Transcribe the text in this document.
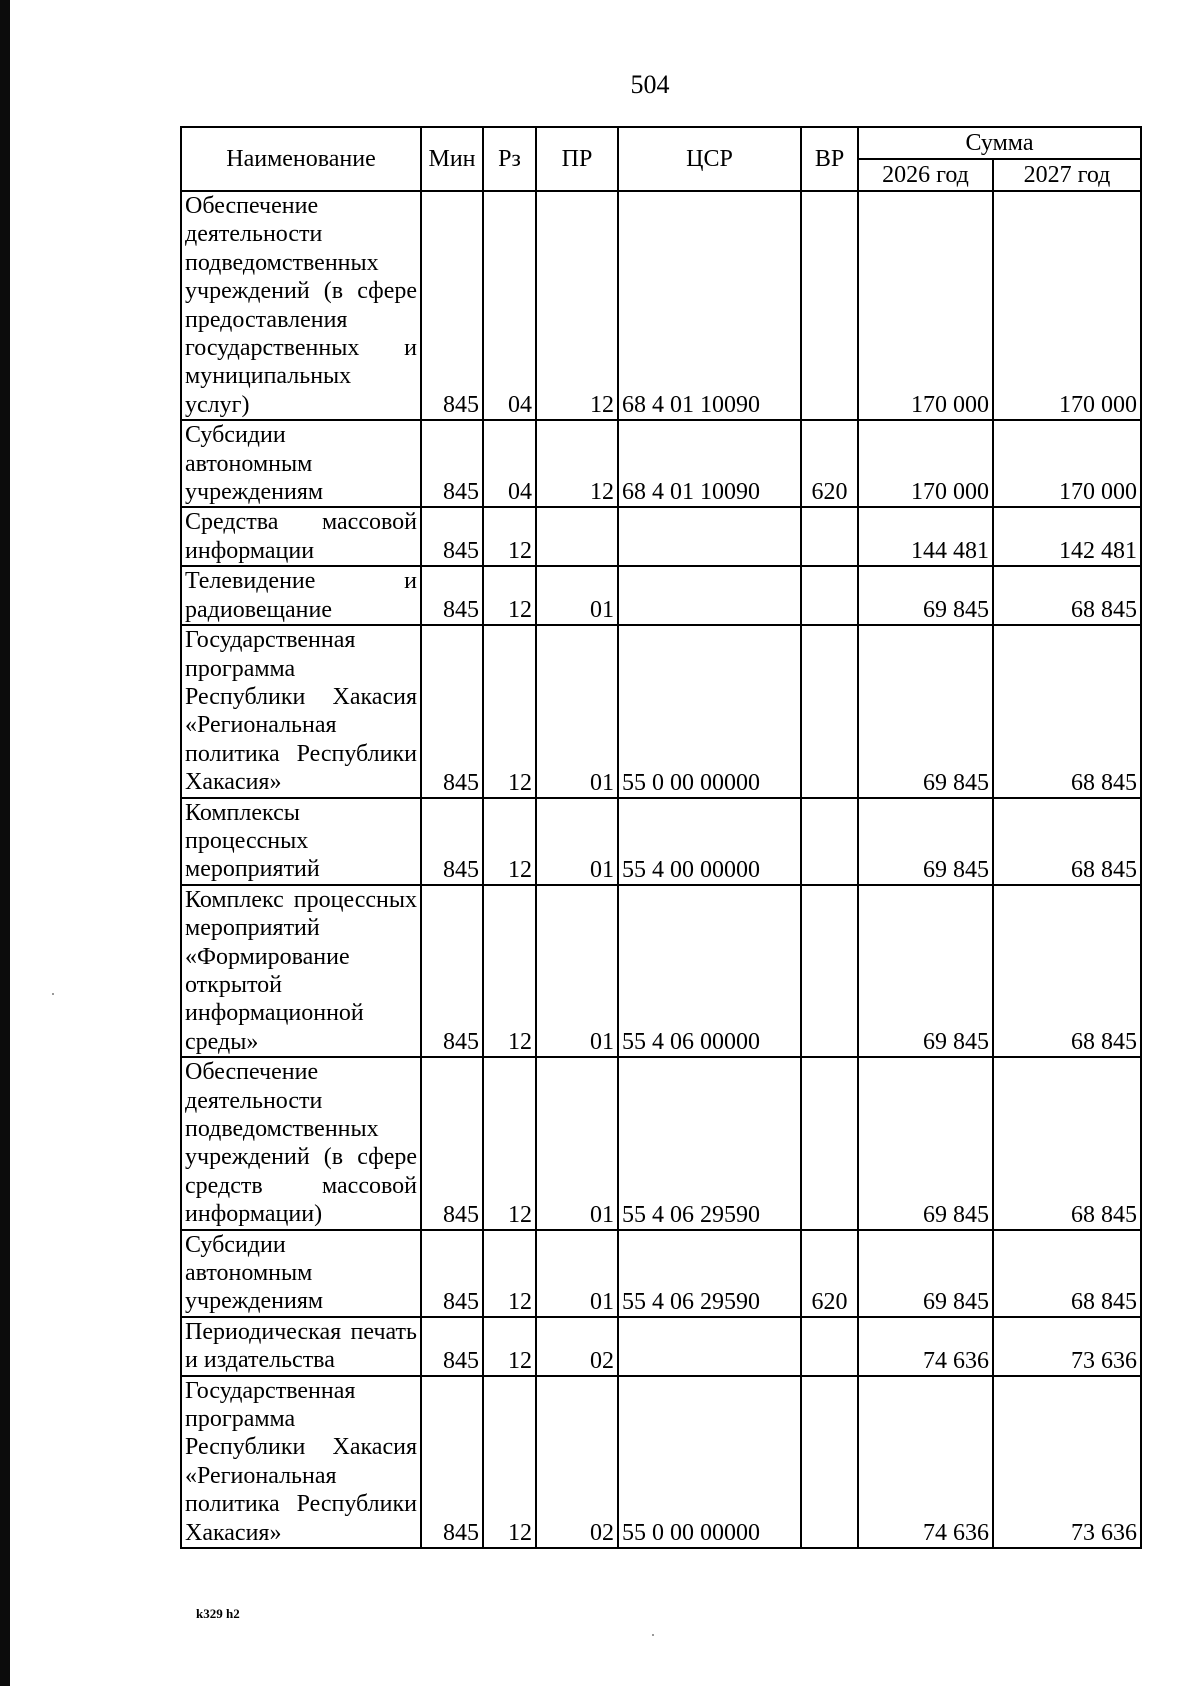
504
Наименование	Мин	Рз	ПР	ЦСР	ВР	Сумма	
						2026 год	2027 год
Обеспечение деятельности подведомственных учреждений (в сфере предоставления государственных и муниципальных услуг)	845	04	12	68 4 01 10090		170 000	170 000
Субсидии автономным учреждениям	845	04	12	68 4 01 10090	620	170 000	170 000
Средства массовой информации	845	12				144 481	142 481
Телевидение и радиовещание	845	12	01			69 845	68 845
Государственная программа Республики Хакасия «Региональная политика Республики Хакасия»	845	12	01	55 0 00 00000		69 845	68 845
Комплексы процессных мероприятий	845	12	01	55 4 00 00000		69 845	68 845
Комплекс процессных мероприятий «Формирование открытой информационной среды»	845	12	01	55 4 06 00000		69 845	68 845
Обеспечение деятельности подведомственных учреждений (в сфере средств массовой информации)	845	12	01	55 4 06 29590		69 845	68 845
Субсидии автономным учреждениям	845	12	01	55 4 06 29590	620	69 845	68 845
Периодическая печать и издательства	845	12	02			74 636	73 636
Государственная программа Республики Хакасия «Региональная политика Республики Хакасия»	845	12	02	55 0 00 00000		74 636	73 636
k329 h2
